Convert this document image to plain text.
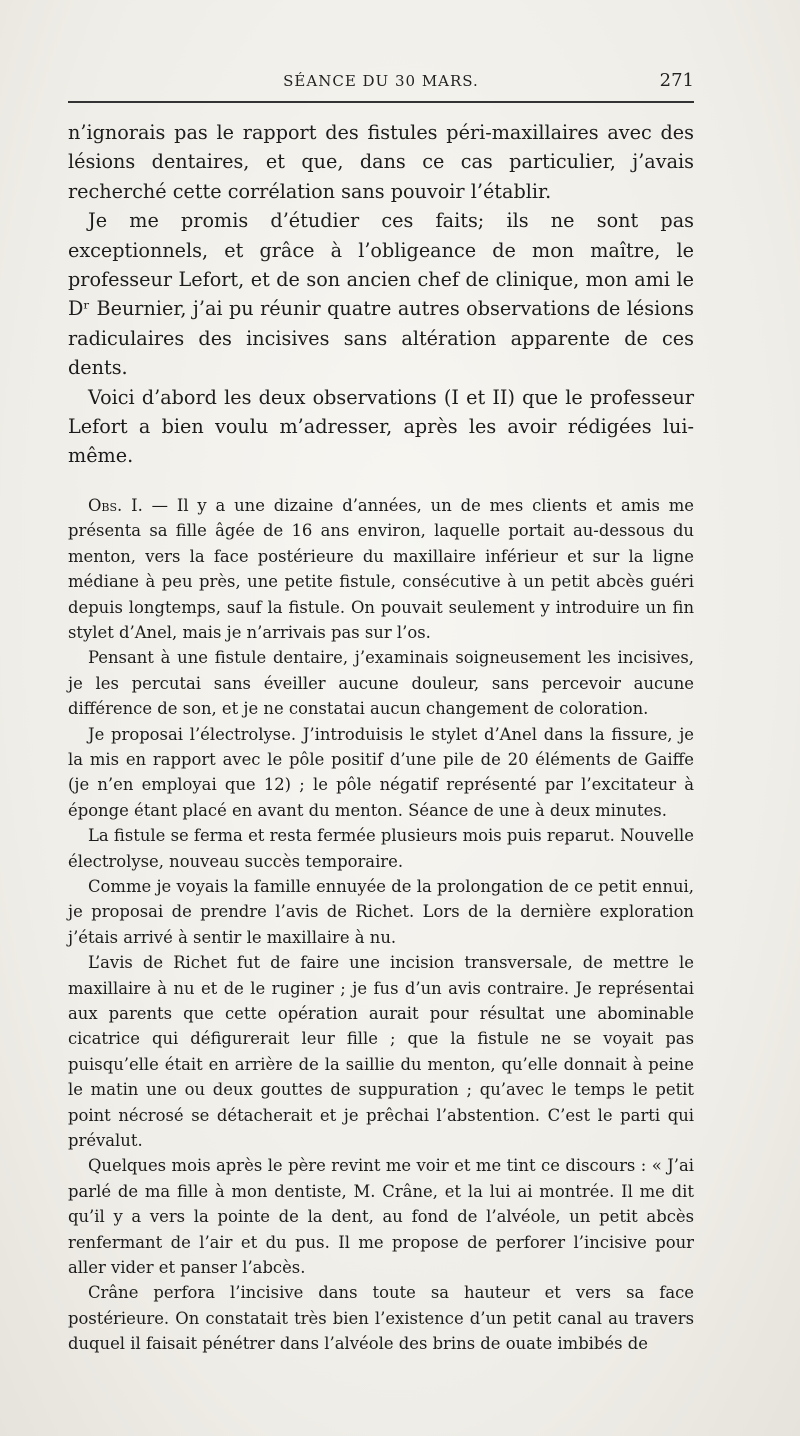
SÉANCE DU 30 MARS.	271

n’ignorais pas le rapport des fistules péri-maxillaires avec des lésions dentaires, et que, dans ce cas particulier, j’avais recherché cette corrélation sans pouvoir l’établir.

Je me promis d’étudier ces faits; ils ne sont pas exceptionnels, et grâce à l’obligeance de mon maître, le professeur Lefort, et de son ancien chef de clinique, mon ami le Dʳ Beurnier, j’ai pu réunir quatre autres observations de lésions radiculaires des incisives sans altération apparente de ces dents.

Voici d’abord les deux observations (I et II) que le professeur Lefort a bien voulu m’adresser, après les avoir rédigées lui-même.

Obs. I. — Il y a une dizaine d’années, un de mes clients et amis me présenta sa fille âgée de 16 ans environ, laquelle portait au-dessous du menton, vers la face postérieure du maxillaire inférieur et sur la ligne médiane à peu près, une petite fistule, consécutive à un petit abcès guéri depuis longtemps, sauf la fistule. On pouvait seulement y introduire un fin stylet d’Anel, mais je n’arrivais pas sur l’os.

Pensant à une fistule dentaire, j’examinais soigneusement les incisives, je les percutai sans éveiller aucune douleur, sans percevoir aucune différence de son, et je ne constatai aucun changement de coloration.

Je proposai l’électrolyse. J’introduisis le stylet d’Anel dans la fissure, je la mis en rapport avec le pôle positif d’une pile de 20 éléments de Gaiffe (je n’en employai que 12) ; le pôle négatif représenté par l’excitateur à éponge étant placé en avant du menton. Séance de une à deux minutes.

La fistule se ferma et resta fermée plusieurs mois puis reparut. Nouvelle électrolyse, nouveau succès temporaire.

Comme je voyais la famille ennuyée de la prolongation de ce petit ennui, je proposai de prendre l’avis de Richet. Lors de la dernière exploration j’étais arrivé à sentir le maxillaire à nu.

L’avis de Richet fut de faire une incision transversale, de mettre le maxillaire à nu et de le ruginer ; je fus d’un avis contraire. Je représentai aux parents que cette opération aurait pour résultat une abominable cicatrice qui défigurerait leur fille ; que la fistule ne se voyait pas puisqu’elle était en arrière de la saillie du menton, qu’elle donnait à peine le matin une ou deux gouttes de suppuration ; qu’avec le temps le petit point nécrosé se détacherait et je prêchai l’abstention. C’est le parti qui prévalut.

Quelques mois après le père revint me voir et me tint ce discours : « J’ai parlé de ma fille à mon dentiste, M. Crâne, et la lui ai montrée. Il me dit qu’il y a vers la pointe de la dent, au fond de l’alvéole, un petit abcès renfermant de l’air et du pus. Il me propose de perforer l’incisive pour aller vider et panser l’abcès.

Crâne perfora l’incisive dans toute sa hauteur et vers sa face postérieure. On constatait très bien l’existence d’un petit canal au travers duquel il faisait pénétrer dans l’alvéole des brins de ouate imbibés de
